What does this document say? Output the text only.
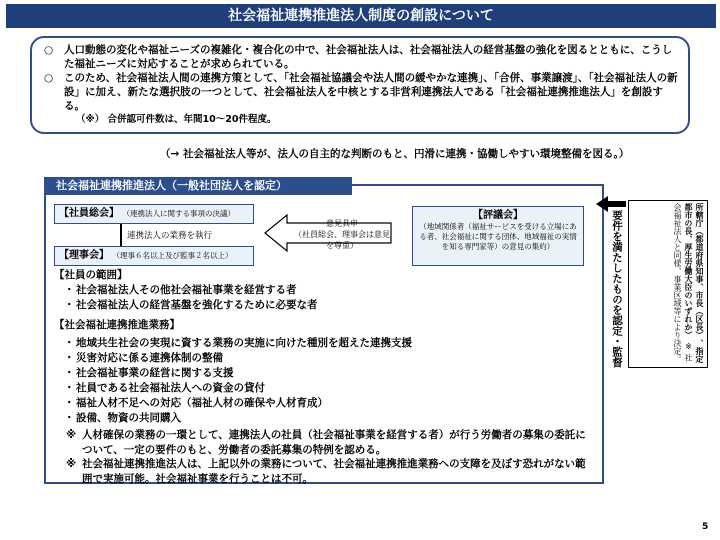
社会福祉連携推進法人制度の創設について
○ 人口動態の変化や福祉ニーズの複雑化・複合化の中で、社会福祉法人は、社会福祉法人の経営基盤の強化を図るとともに、こうした福祉ニーズに対応することが求められている。
○ このため、社会福祉法人間の連携方策として、「社会福祉協議会や法人間の緩やかな連携」、「合併、事業譲渡」、「社会福祉法人の新設」に加え、新たな選択肢の一つとして、社会福祉法人を中核とする非営利連携法人である「社会福祉連携推進法人」を創設する。
（※） 合併認可件数は、年間10～20件程度。
（→ 社会福祉法人等が、法人の自主的な判断のもと、円滑に連携・協働しやすい環境整備を図る。）
社会福祉連携推進法人（一般社団法人を認定）
【社員総会】 （連携法人に関する事項の決議）
連携法人の業務を執行
【理事会】 （理事６名以上及び監事２名以上）
意見具申
（社員総会、理事会は意見を尊重）
【評議会】
（地域関係者（福祉サービスを受ける立場にある者、社会福祉に関する団体、地域福祉の実情を知る専門家等）の意見の集約）
【社員の範囲】
・ 社会福祉法人その他社会福祉事業を経営する者
・ 社会福祉法人の経営基盤を強化するために必要な者
【社会福祉連携推進業務】
・ 地域共生社会の実現に資する業務の実施に向けた種別を超えた連携支援
・ 災害対応に係る連携体制の整備
・ 社会福祉事業の経営に関する支援
・ 社員である社会福祉法人への資金の貸付
・ 福祉人材不足への対応（福祉人材の確保や人材育成）
・ 設備、物資の共同購入
※ 人材確保の業務の一環として、連携法人の社員（社会福祉事業を経営する者）が行う労働者の募集の委託について、一定の要件のもと、労働者の委託募集の特例を認める。
※ 社会福祉連携推進法人は、上記以外の業務について、社会福祉連携推進業務への支障を及ぼす恐れがない範囲で実施可能。社会福祉事業を行うことは不可。
要件を満たしたものを認定・監督	所轄庁（都道府県知事、市長（区長）、指定都市の長、厚生労働大臣のいずれか） ※ 社会福祉法人と同様、事業区域等により決定。
5
